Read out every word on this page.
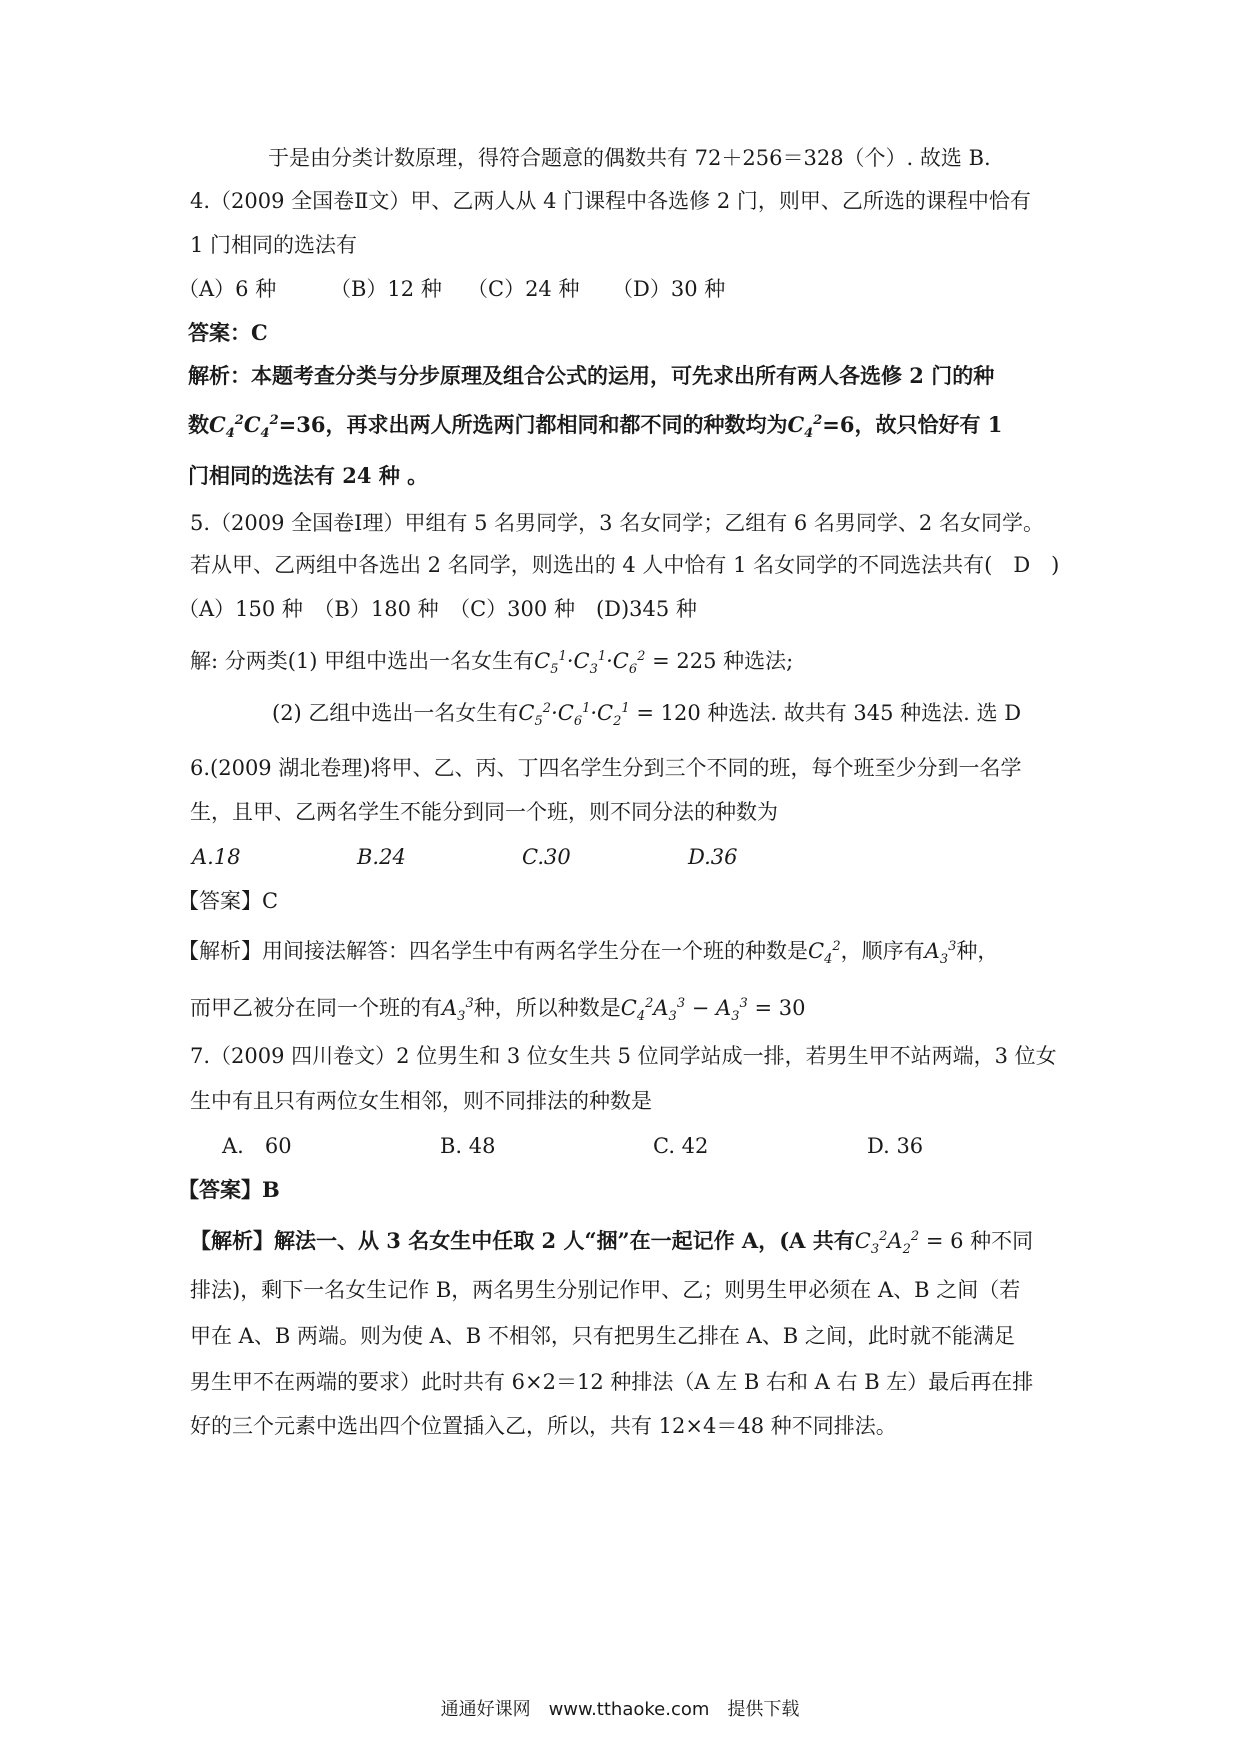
于是由分类计数原理，得符合题意的偶数共有 72＋256＝328（个）. 故选 B.
4.（2009 全国卷Ⅱ文）甲、乙两人从 4 门课程中各选修 2 门，则甲、乙所选的课程中恰有
1 门相同的选法有
（A）6 种	（B）12 种 （C）24 种 （D）30 种
答案：C
解析：本题考查分类与分步原理及组合公式的运用，可先求出所有两人各选修 2 门的种
数$C_4^2C_4^2=36$，再求出两人所选两门都相同和都不同的种数均为$C_4^2=6$，故只恰好有 1
门相同的选法有 24 种 。
5.（2009 全国卷Ⅰ理）甲组有 5 名男同学，3 名女同学；乙组有 6 名男同学、2 名女同学。
若从甲、乙两组中各选出 2 名同学，则选出的 4 人中恰有 1 名女同学的不同选法共有(　D　)
（A）150 种　（B）180 种　（C）300 种　(D)345 种
解: 分两类(1) 甲组中选出一名女生有$C_5^1\cdot C_3^1\cdot C_6^2 = 225$ 种选法;
(2) 乙组中选出一名女生有$C_5^2\cdot C_6^1\cdot C_2^1 = 120$ 种选法. 故共有 345 种选法. 选 D
6.(2009 湖北卷理)将甲、乙、丙、丁四名学生分到三个不同的班，每个班至少分到一名学
生，且甲、乙两名学生不能分到同一个班，则不同分法的种数为
A.18	B.24	C.30	D.36
【答案】C
【解析】用间接法解答：四名学生中有两名学生分在一个班的种数是$C_4^2$，顺序有$A_3^3$种，
而甲乙被分在同一个班的有$A_3^3$种，所以种数是$C_4^2A_3^3 - A_3^3 = 30$
7.（2009 四川卷文）2 位男生和 3 位女生共 5 位同学站成一排，若男生甲不站两端，3 位女
生中有且只有两位女生相邻，则不同排法的种数是
A.　60	B. 48	C. 42	D. 36
【答案】B
【解析】解法一、从 3 名女生中任取 2 人“捆”在一起记作 A，(A 共有$C_3^2A_2^2 = 6$ 种不同
排法)，剩下一名女生记作 B，两名男生分别记作甲、乙；则男生甲必须在 A、B 之间（若
甲在 A、B 两端。则为使 A、B 不相邻，只有把男生乙排在 A、B 之间，此时就不能满足
男生甲不在两端的要求）此时共有 6×2＝12 种排法（A 左 B 右和 A 右 B 左）最后再在排
好的三个元素中选出四个位置插入乙，所以，共有 12×4＝48 种不同排法。
通通好课网　www.tthaoke.com　提供下载
